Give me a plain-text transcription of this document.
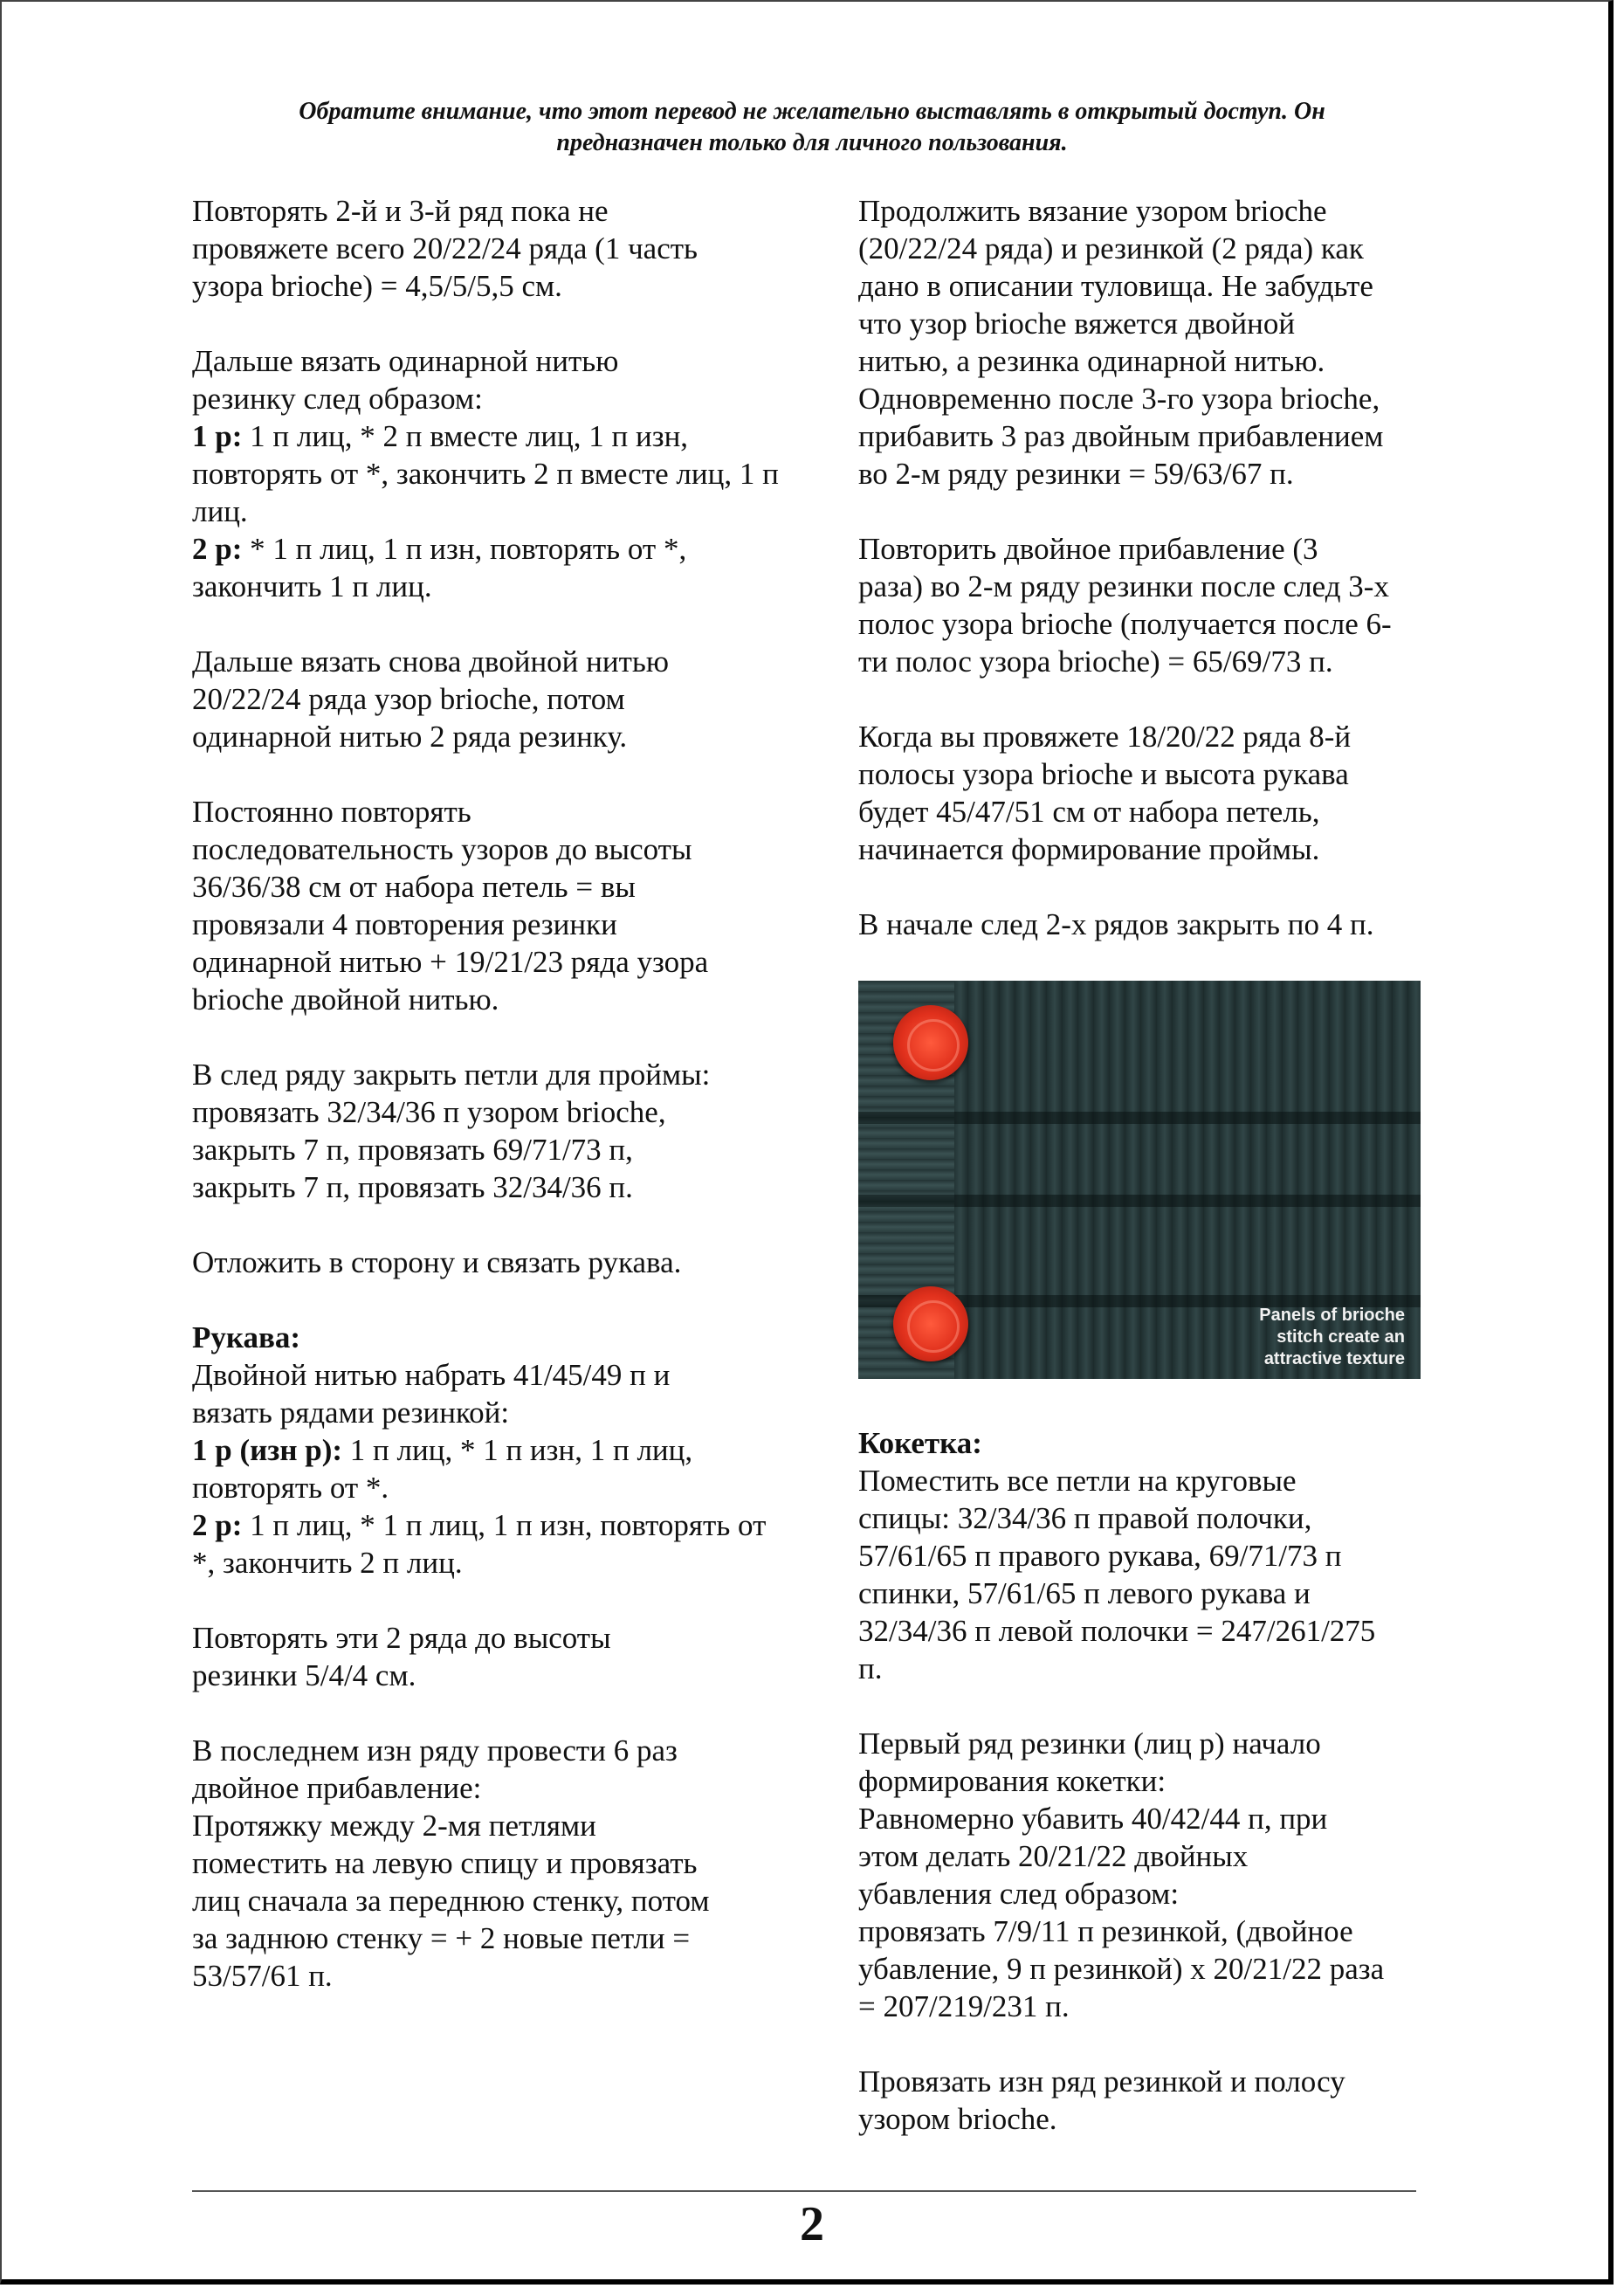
Обратите внимание, что этот перевод не желательно выставлять в открытый доступ. Он
предназначен только для личного пользования.
Повторять 2-й и 3-й ряд пока не
провяжете всего 20/22/24 ряда (1 часть
узора brioche) = 4,5/5/5,5 см.
Дальше вязать одинарной нитью
резинку след образом:
1 р: 1 п лиц, * 2 п вместе лиц, 1 п изн, повторять от *, закончить 2 п вместе лиц, 1 п лиц.
2 р: * 1 п лиц, 1 п изн, повторять от *, закончить 1 п лиц.
Дальше вязать снова двойной нитью
20/22/24 ряда узор brioche, потом
одинарной нитью 2 ряда резинку.
Постоянно повторять
последовательность узоров до высоты
36/36/38 см от набора петель = вы
провязали 4 повторения резинки
одинарной нитью + 19/21/23 ряда узора
brioche двойной нитью.
В след ряду закрыть петли для проймы:
провязать 32/34/36 п узором brioche,
закрыть 7 п, провязать 69/71/73 п,
закрыть 7 п, провязать 32/34/36 п.
Отложить в сторону и связать рукава.
Рукава:
Двойной нитью набрать 41/45/49 п и
вязать рядами резинкой:
1 р (изн р): 1 п лиц, * 1 п изн, 1 п лиц, повторять от *.
2 р: 1 п лиц, * 1 п лиц, 1 п изн, повторять от *, закончить 2 п лиц.
Повторять эти 2 ряда до высоты
резинки 5/4/4 см.
В последнем изн ряду провести 6 раз
двойное прибавление:
Протяжку между 2-мя петлями
поместить на левую спицу и провязать
лиц сначала за переднюю стенку, потом
за заднюю стенку = + 2 новые петли =
53/57/61 п.
Продолжить вязание узором brioche
(20/22/24 ряда) и резинкой (2 ряда) как
дано в описании туловища. Не забудьте
что узор brioche вяжется двойной
нитью, а резинка одинарной нитью.
Одновременно после 3-го узора brioche,
прибавить 3 раз двойным прибавлением
во 2-м ряду резинки = 59/63/67 п.
Повторить двойное прибавление (3
раза) во 2-м ряду резинки после след 3-х
полос узора brioche (получается после 6-
ти полос узора brioche) = 65/69/73 п.
Когда вы провяжете 18/20/22 ряда 8-й
полосы узора brioche и высота рукава
будет 45/47/51 см от набора петель,
начинается формирование проймы.
В начале след 2-х рядов закрыть по 4 п.
Panels of brioche
stitch create an
attractive texture
Кокетка:
Поместить все петли на круговые
спицы: 32/34/36 п правой полочки,
57/61/65 п правого рукава, 69/71/73 п
спинки, 57/61/65 п левого рукава и
32/34/36 п левой полочки = 247/261/275
п.
Первый ряд резинки (лиц р) начало
формирования кокетки:
Равномерно убавить 40/42/44 п, при
этом делать 20/21/22 двойных
убавления след образом:
провязать 7/9/11 п резинкой, (двойное
убавление, 9 п резинкой) х 20/21/22 раза
= 207/219/231 п.
Провязать изн ряд резинкой и полосу
узором brioche.
2
